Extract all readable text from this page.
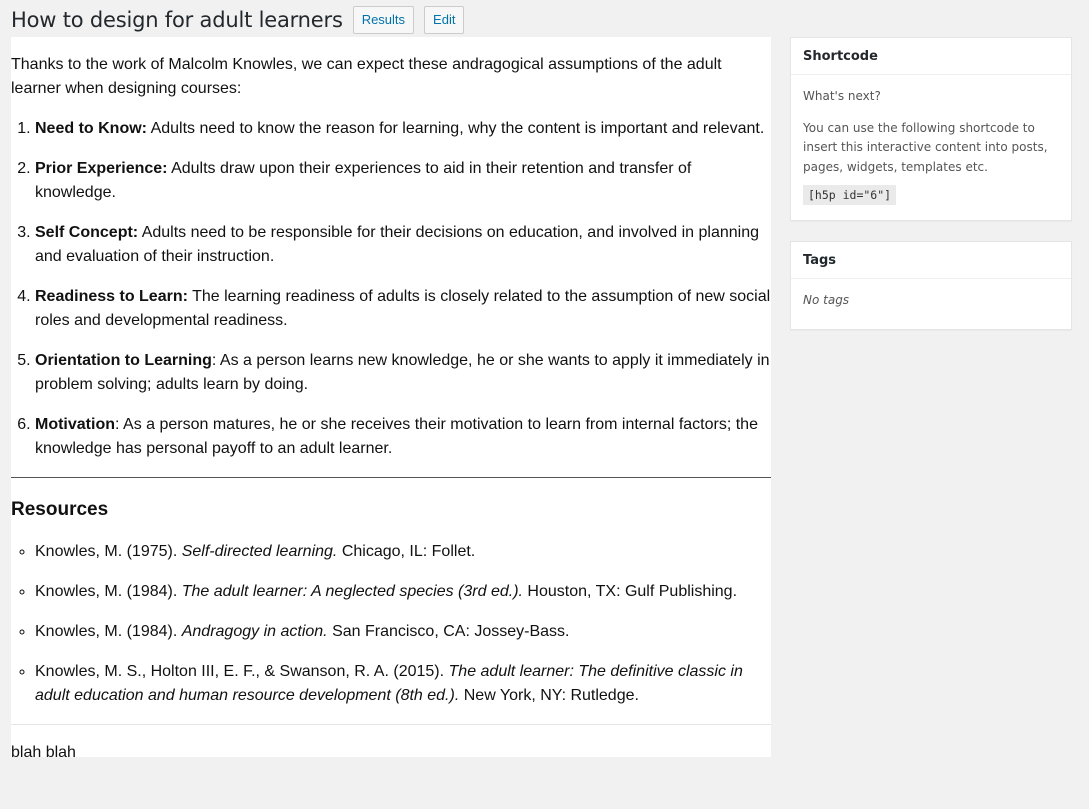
How to design for adult learners	Results	Edit

Thanks to the work of Malcolm Knowles, we can expect these andragogical assumptions of the adult learner when designing courses:

1. Need to Know: Adults need to know the reason for learning, why the content is important and relevant.
2. Prior Experience: Adults draw upon their experiences to aid in their retention and transfer of knowledge.
3. Self Concept: Adults need to be responsible for their decisions on education, and involved in planning and evaluation of their instruction.
4. Readiness to Learn: The learning readiness of adults is closely related to the assumption of new social roles and developmental readiness.
5. Orientation to Learning: As a person learns new knowledge, he or she wants to apply it immediately in problem solving; adults learn by doing.
6. Motivation: As a person matures, he or she receives their motivation to learn from internal factors; the knowledge has personal payoff to an adult learner.
Resources
◦ Knowles, M. (1975). Self-directed learning. Chicago, IL: Follet.
◦ Knowles, M. (1984). The adult learner: A neglected species (3rd ed.). Houston, TX: Gulf Publishing.
◦ Knowles, M. (1984). Andragogy in action. San Francisco, CA: Jossey-Bass.
◦ Knowles, M. S., Holton III, E. F., & Swanson, R. A. (2015). The adult learner: The definitive classic in adult education and human resource development (8th ed.). New York, NY: Rutledge.
blah blah
Shortcode

What's next?

You can use the following shortcode to insert this interactive content into posts, pages, widgets, templates etc.

[h5p id="6"]
Tags

No tags
